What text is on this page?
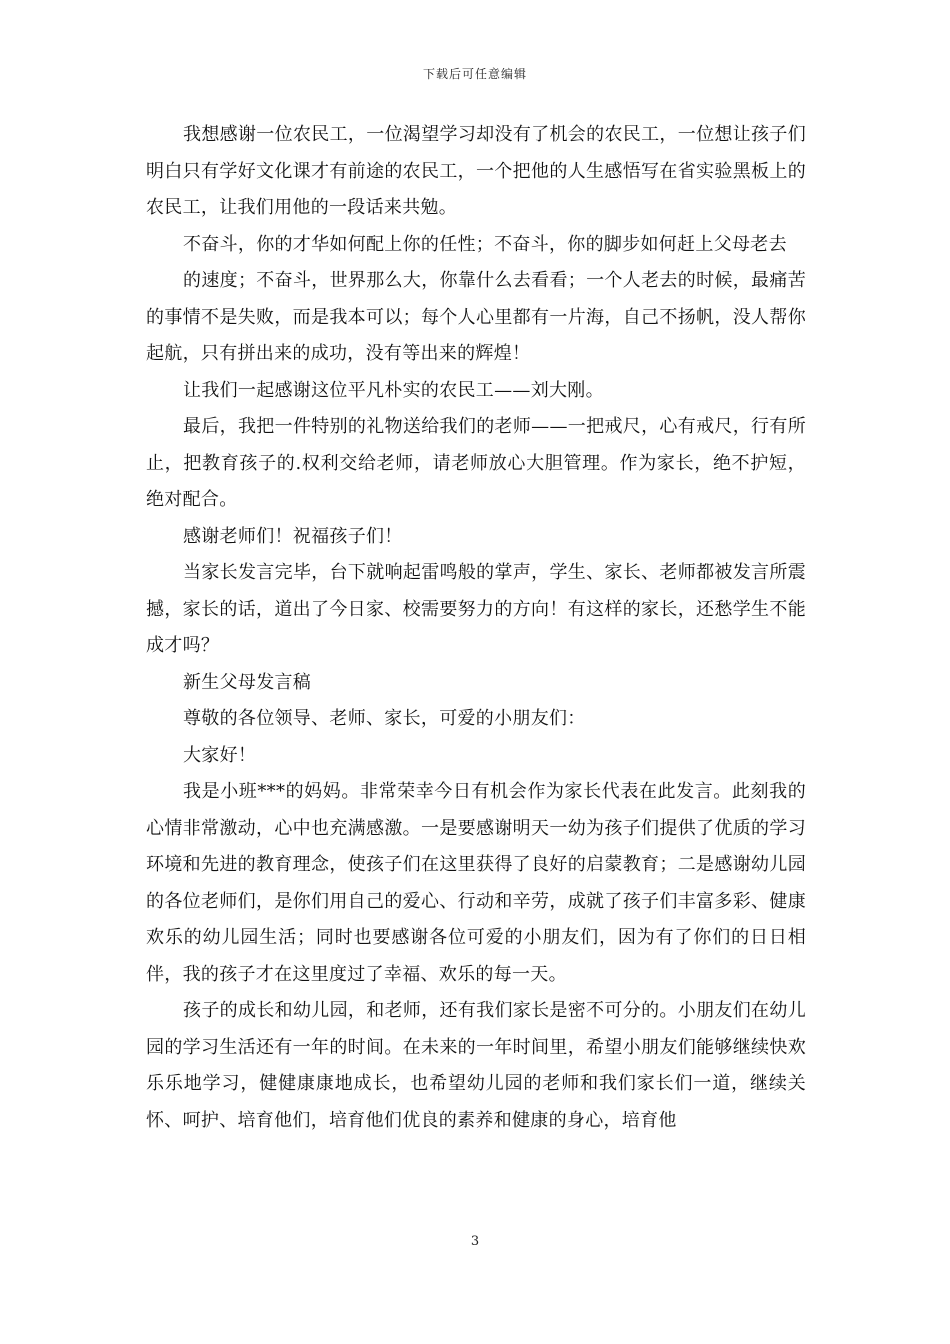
下载后可任意编辑

我想感谢一位农民工，一位渴望学习却没有了机会的农民工，一位想让孩子们明白只有学好文化课才有前途的农民工，一个把他的人生感悟写在省实验黑板上的农民工，让我们用他的一段话来共勉。

不奋斗，你的才华如何配上你的任性；不奋斗，你的脚步如何赶上父母老去

的速度；不奋斗，世界那么大，你靠什么去看看；一个人老去的时候，最痛苦的事情不是失败，而是我本可以；每个人心里都有一片海，自己不扬帆，没人帮你起航，只有拼出来的成功，没有等出来的辉煌！

让我们一起感谢这位平凡朴实的农民工——刘大刚。

最后，我把一件特别的礼物送给我们的老师——一把戒尺，心有戒尺，行有所止，把教育孩子的.权利交给老师，请老师放心大胆管理。作为家长，绝不护短，绝对配合。

感谢老师们！祝福孩子们！

当家长发言完毕，台下就响起雷鸣般的掌声，学生、家长、老师都被发言所震撼，家长的话，道出了今日家、校需要努力的方向！有这样的家长，还愁学生不能成才吗？

新生父母发言稿

尊敬的各位领导、老师、家长，可爱的小朋友们：

大家好！

我是小班***的妈妈。非常荣幸今日有机会作为家长代表在此发言。此刻我的心情非常激动，心中也充满感激。一是要感谢明天一幼为孩子们提供了优质的学习环境和先进的教育理念，使孩子们在这里获得了良好的启蒙教育；二是感谢幼儿园的各位老师们，是你们用自己的爱心、行动和辛劳，成就了孩子们丰富多彩、健康欢乐的幼儿园生活；同时也要感谢各位可爱的小朋友们，因为有了你们的日日相伴，我的孩子才在这里度过了幸福、欢乐的每一天。

孩子的成长和幼儿园，和老师，还有我们家长是密不可分的。小朋友们在幼儿园的学习生活还有一年的时间。在未来的一年时间里，希望小朋友们能够继续快欢乐乐地学习，健健康康地成长，也希望幼儿园的老师和我们家长们一道，继续关怀、呵护、培育他们，培育他们优良的素养和健康的身心，培育他

3
